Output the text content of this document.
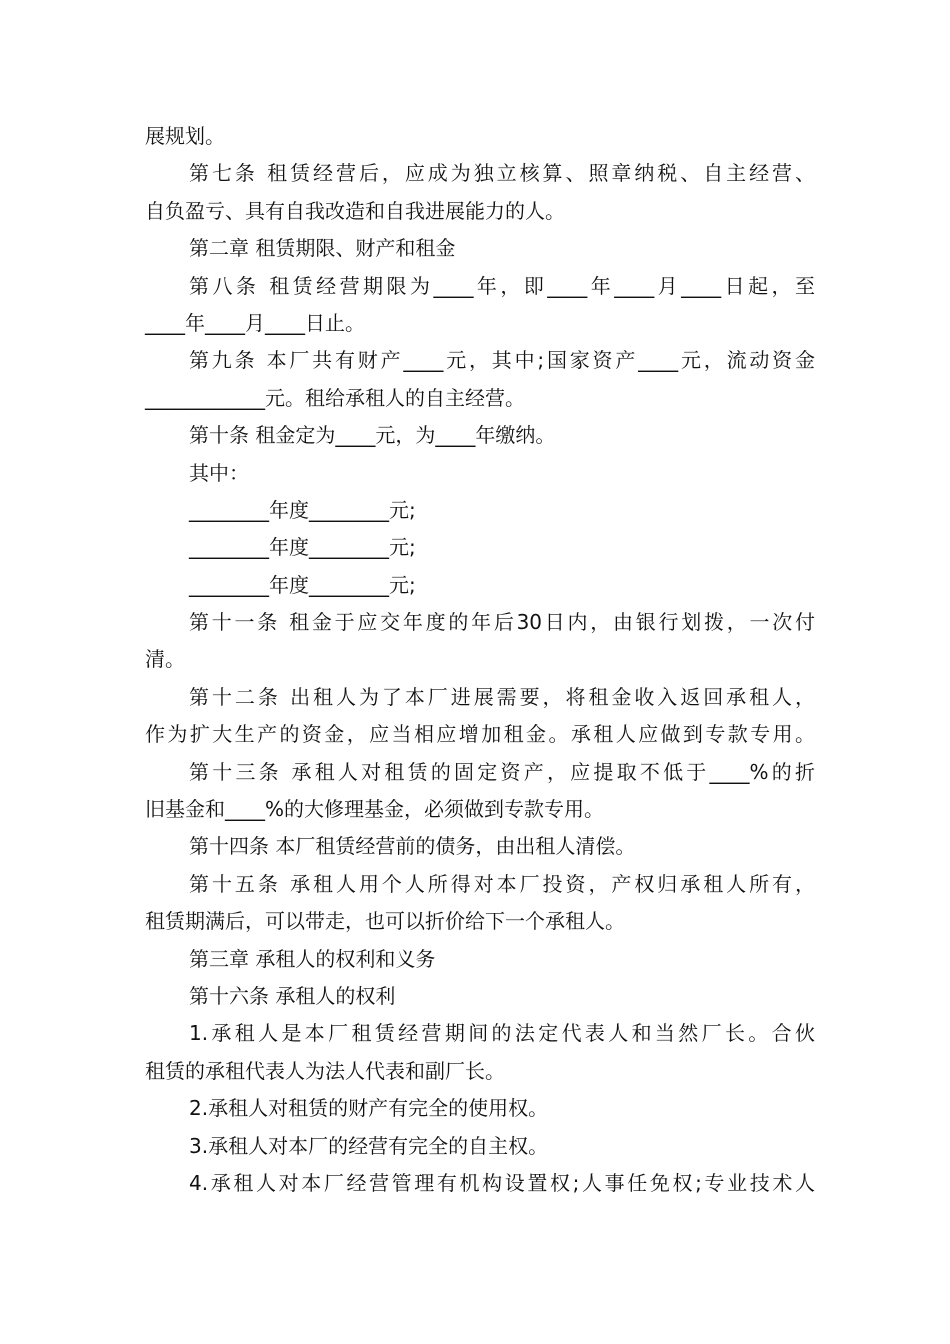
展规划。
第七条 租赁经营后，应成为独立核算、照章纳税、自主经营、
自负盈亏、具有自我改造和自我进展能力的人。
第二章 租赁期限、财产和租金
第八条 租赁经营期限为____年，即____年____月____日起，至
____年____月____日止。
第九条 本厂共有财产____元，其中;国家资产____元，流动资金
____________元。租给承租人的自主经营。
第十条 租金定为____元，为____年缴纳。
其中：
________年度________元;
________年度________元;
________年度________元;
第十一条 租金于应交年度的年后30日内，由银行划拨，一次付
清。
第十二条 出租人为了本厂进展需要，将租金收入返回承租人，
作为扩大生产的资金，应当相应增加租金。承租人应做到专款专用。
第十三条 承租人对租赁的固定资产，应提取不低于____%的折
旧基金和____%的大修理基金，必须做到专款专用。
第十四条 本厂租赁经营前的债务，由出租人清偿。
第十五条 承租人用个人所得对本厂投资，产权归承租人所有，
租赁期满后，可以带走，也可以折价给下一个承租人。
第三章 承租人的权利和义务
第十六条 承租人的权利
1.承租人是本厂租赁经营期间的法定代表人和当然厂长。合伙
租赁的承租代表人为法人代表和副厂长。
2.承租人对租赁的财产有完全的使用权。
3.承租人对本厂的经营有完全的自主权。
4.承租人对本厂经营管理有机构设置权;人事任免权;专业技术人
